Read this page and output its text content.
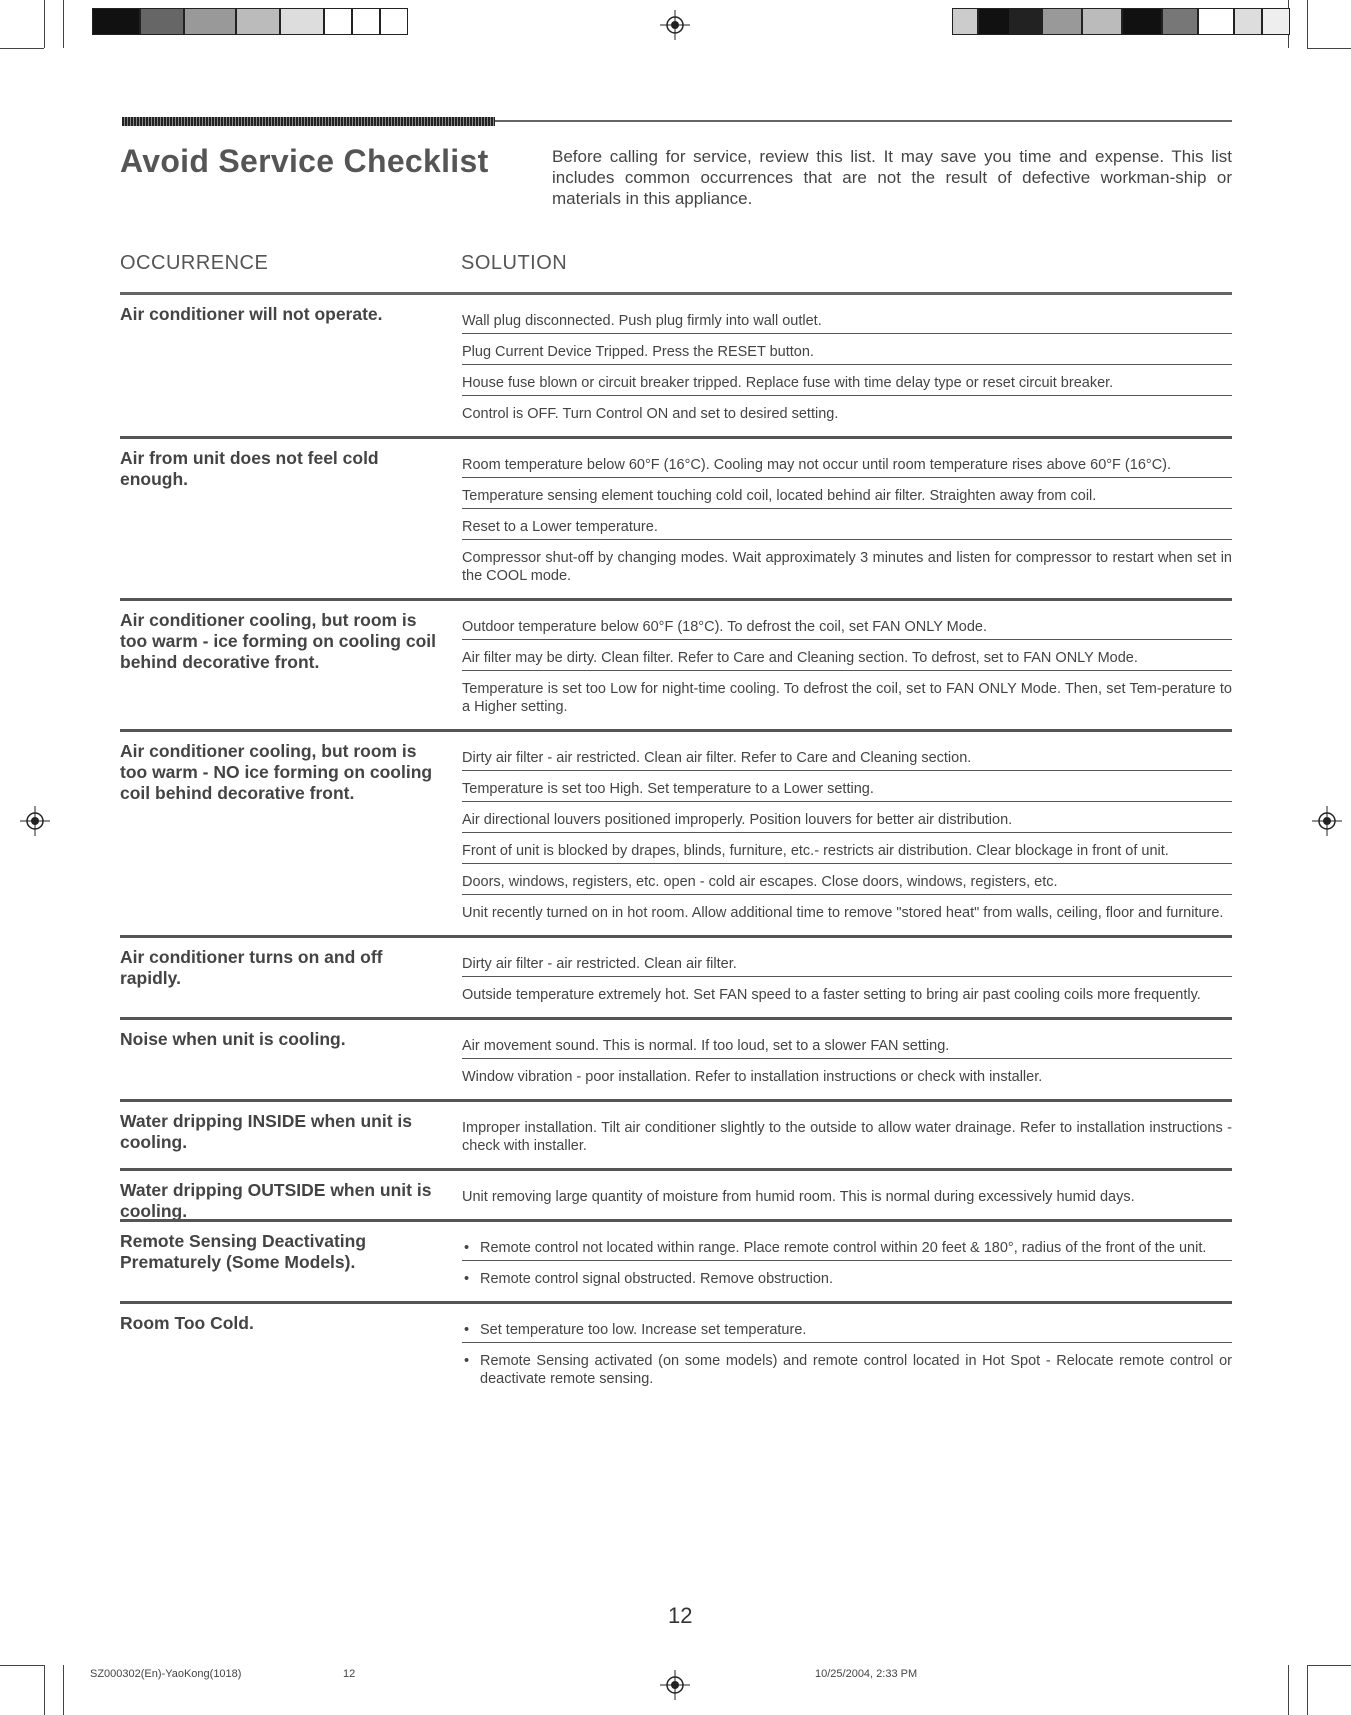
Avoid Service Checklist	Before calling for service, review this list. It may save you time and expense. This list includes common occurrences that are not the result of defective workman-ship or materials in this appliance.
OCCURRENCE	SOLUTION
Air conditioner will not operate.	Wall plug disconnected. Push plug firmly into wall outlet.
Plug Current Device Tripped. Press the RESET button.
House fuse blown or circuit breaker tripped. Replace fuse with time delay type or reset circuit breaker.
Control is OFF. Turn Control ON and set to desired setting.
Air from unit does not feel cold enough.
Room temperature below 60°F (16°C). Cooling may not occur until room temperature rises above 60°F (16°C).
Temperature sensing element touching cold coil, located behind air filter. Straighten away from coil.
Reset to a Lower temperature.
Compressor shut-off by changing modes. Wait approximately 3 minutes and listen for compressor to restart when set in the COOL mode.
Air conditioner cooling, but room is too warm - ice forming on cooling coil behind decorative front.
Outdoor temperature below 60°F (18°C). To defrost the coil, set FAN ONLY Mode.
Air filter may be dirty. Clean filter. Refer to Care and Cleaning section. To defrost, set to FAN ONLY Mode.
Temperature is set too Low for night-time cooling. To defrost the coil, set to FAN ONLY Mode. Then, set Tem-perature to a Higher setting.
Air conditioner cooling, but room is too warm - NO ice forming on cooling coil behind decorative front.
Dirty air filter - air restricted. Clean air filter. Refer to Care and Cleaning section.
Temperature is set too High. Set temperature to a Lower setting.
Air directional louvers positioned improperly. Position louvers for better air distribution.
Front of unit is blocked by drapes, blinds, furniture, etc.- restricts air distribution. Clear blockage in front of unit.
Doors, windows, registers, etc. open - cold air escapes. Close doors, windows, registers, etc.
Unit recently turned on in hot room. Allow additional time to remove "stored heat" from walls, ceiling, floor and furniture.
Air conditioner turns on and off rapidly.
Dirty air filter - air restricted. Clean air filter.
Outside temperature extremely hot. Set FAN speed to a faster setting to bring air past cooling coils more frequently.
Noise when unit is cooling.	Air movement sound. This is normal. If too loud, set to a slower FAN setting.
Window vibration - poor installation. Refer to installation instructions or check with installer.
Water dripping INSIDE when unit is cooling.
Improper installation. Tilt air conditioner slightly to the outside to allow water drainage. Refer to installation instructions - check with installer.
Water dripping OUTSIDE when unit is cooling.
Unit removing large quantity of moisture from humid room. This is normal during excessively humid days.
Remote Sensing Deactivating Prematurely (Some Models).
• Remote control not located within range. Place remote control within 20 feet & 180°, radius of the front of the unit.
• Remote control signal obstructed. Remove obstruction.
Room Too Cold.
•	Set temperature too low. Increase set temperature.
• Remote Sensing activated (on some models) and remote control located in Hot Spot - Relocate remote control or deactivate remote sensing.
12
SZ000302(En)-YaoKong(1018)	12	10/25/2004, 2:33 PM
